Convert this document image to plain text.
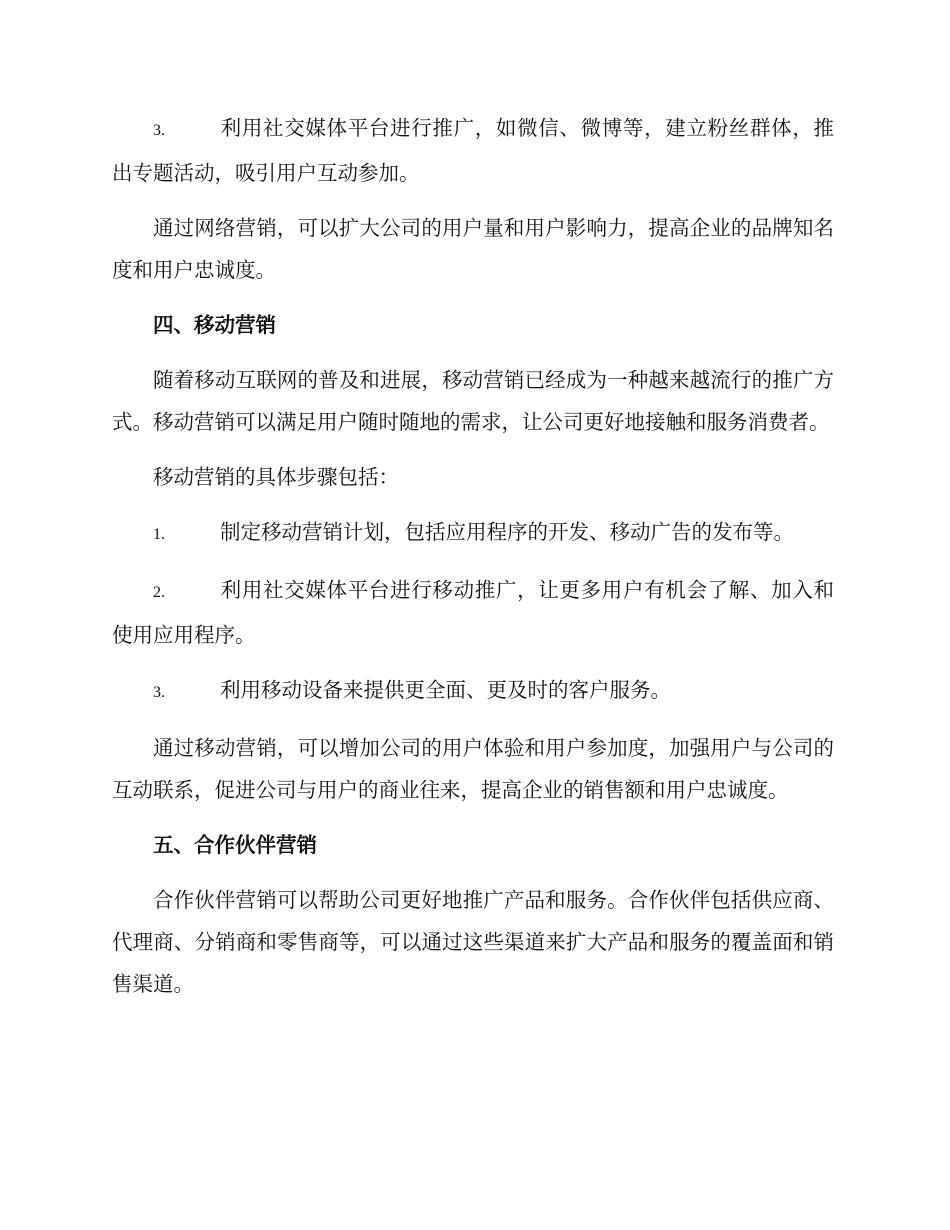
3.	利用社交媒体平台进行推广，如微信、微博等，建立粉丝群体，推出专题活动，吸引用户互动参加。

通过网络营销，可以扩大公司的用户量和用户影响力，提高企业的品牌知名度和用户忠诚度。

四、移动营销

随着移动互联网的普及和进展，移动营销已经成为一种越来越流行的推广方式。移动营销可以满足用户随时随地的需求，让公司更好地接触和服务消费者。

移动营销的具体步骤包括：

1.	制定移动营销计划，包括应用程序的开发、移动广告的发布等。

2.	利用社交媒体平台进行移动推广，让更多用户有机会了解、加入和使用应用程序。

3.	利用移动设备来提供更全面、更及时的客户服务。

通过移动营销，可以增加公司的用户体验和用户参加度，加强用户与公司的互动联系，促进公司与用户的商业往来，提高企业的销售额和用户忠诚度。

五、合作伙伴营销

合作伙伴营销可以帮助公司更好地推广产品和服务。合作伙伴包括供应商、代理商、分销商和零售商等，可以通过这些渠道来扩大产品和服务的覆盖面和销售渠道。
